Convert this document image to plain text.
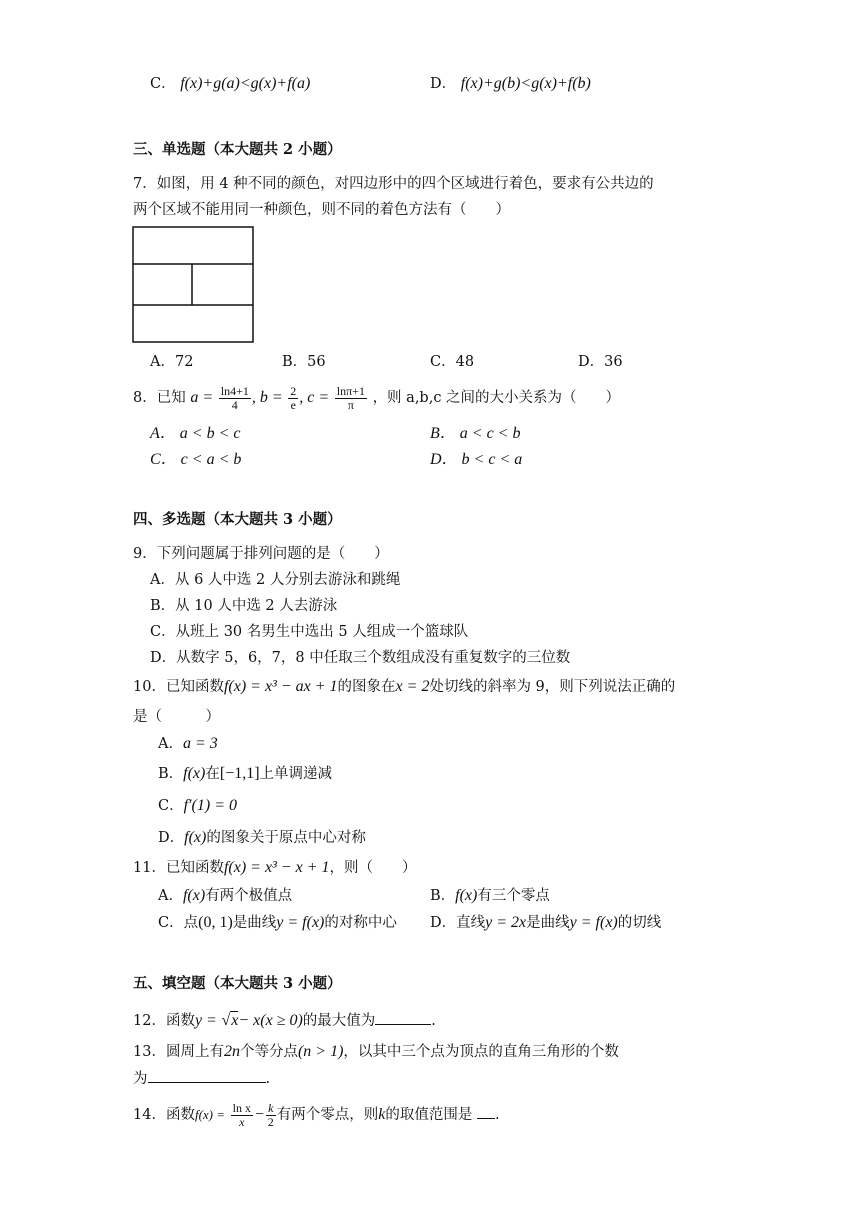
C． f(x)+g(a)<g(x)+f(a)	D． f(x)+g(b)<g(x)+f(b)
三、单选题（本大题共 2 小题）
7．如图，用 4 种不同的颜色，对四边形中的四个区域进行着色，要求有公共边的
两个区域不能用同一种颜色，则不同的着色方法有（　　）
A．72	B．56	C．48	D．36
8．已知 $a = \frac{\ln 4+1}{4}$ , $b = \frac{2}{e}$ , $c = \frac{\ln\pi+1}{\pi}$ ，则 a,b,c 之间的大小关系为（　　）
A． a < b < c	B． a < c < b
C． c < a < b	D． b < c < a
四、多选题（本大题共 3 小题）
9．下列问题属于排列问题的是（　　）
A．从 6 人中选 2 人分别去游泳和跳绳
B．从 10 人中选 2 人去游泳
C．从班上 30 名男生中选出 5 人组成一个篮球队
D．从数字 5，6，7，8 中任取三个数组成没有重复数字的三位数
10．已知函数f(x) = x³ − ax + 1的图象在x = 2处切线的斜率为 9，则下列说法正确的
是（　　　）
A．a = 3
B．f(x)在[−1,1]上单调递减
C．f′(1) = 0
D．f(x)的图象关于原点中心对称
11．已知函数f(x) = x³ − x + 1，则（　　）
A．f(x)有两个极值点	B．f(x)有三个零点
C．点(0, 1)是曲线y = f(x)的对称中心 D．直线y = 2x是曲线y = f(x)的切线
五、填空题（本大题共 3 小题）
12．函数y = √x− x(x ≥ 0)的最大值为	.
13．圆周上有2n个等分点(n > 1)，以其中三个点为顶点的直角三角形的个数
为	.
14．函数$f(x) = \frac{\text{ln x}}{x} - \frac{k}{2}$ 有两个零点，则k的取值范围是 .
